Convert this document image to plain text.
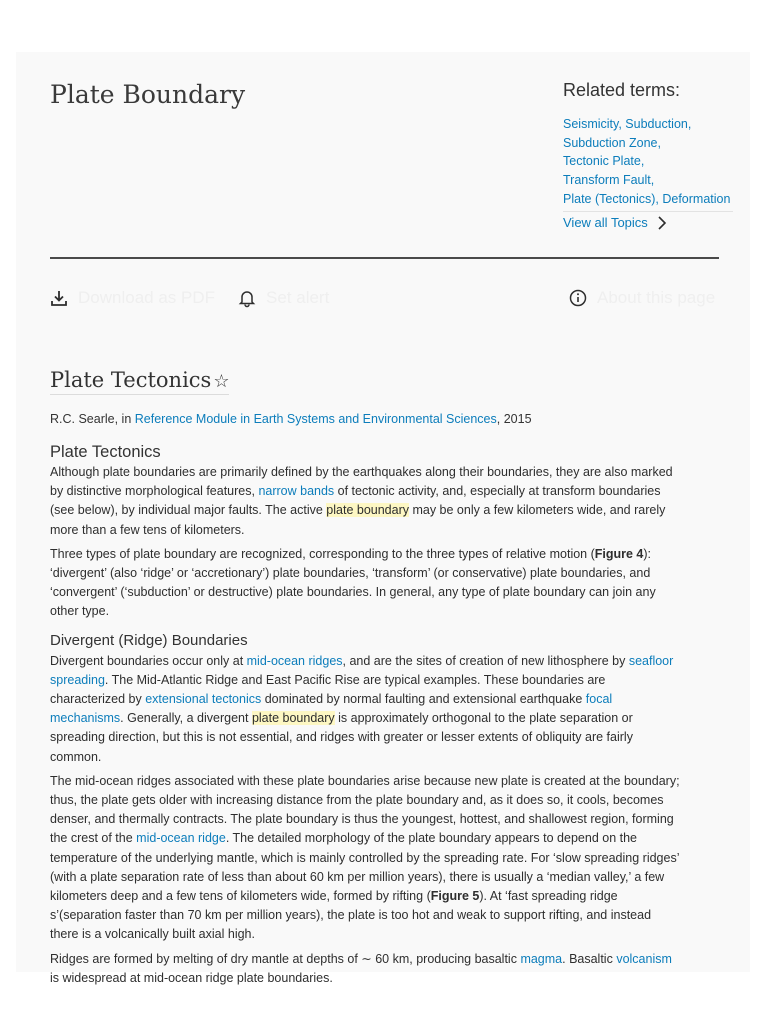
Plate Boundary	Related terms:
Seismicity, Subduction, Subduction Zone, Tectonic Plate, Transform Fault, Plate (Tectonics), Deformation
View all Topics
Download as PDF	Set alert	About this page
Plate Tectonics ☆
R.C. Searle, in Reference Module in Earth Systems and Environmental Sciences, 2015
Plate Tectonics

Although plate boundaries are primarily defined by the earthquakes along their boundaries, they are also marked by distinctive morphological features, narrow bands of tectonic activity, and, especially at transform boundaries (see below), by individual major faults. The active plate boundary may be only a few kilometers wide, and rarely more than a few tens of kilometers.

Three types of plate boundary are recognized, corresponding to the three types of relative motion (Figure 4): ‘divergent’ (also ‘ridge’ or ‘accretionary’) plate boundaries, ‘transform’ (or conservative) plate boundaries, and ‘convergent’ (‘subduction’ or destructive) plate boundaries. In general, any type of plate boundary can join any other type.

Divergent (Ridge) Boundaries

Divergent boundaries occur only at mid-ocean ridges, and are the sites of creation of new lithosphere by seafloor spreading. The Mid-Atlantic Ridge and East Pacific Rise are typical examples. These boundaries are characterized by extensional tectonics dominated by normal faulting and extensional earthquake focal mechanisms. Generally, a divergent plate boundary is approximately orthogonal to the plate separation or spreading direction, but this is not essential, and ridges with greater or lesser extents of obliquity are fairly common.

The mid-ocean ridges associated with these plate boundaries arise because new plate is created at the boundary; thus, the plate gets older with increasing distance from the plate boundary and, as it does so, it cools, becomes denser, and thermally contracts. The plate boundary is thus the youngest, hottest, and shallowest region, forming the crest of the mid-ocean ridge. The detailed morphology of the plate boundary appears to depend on the temperature of the underlying mantle, which is mainly controlled by the spreading rate. For ‘slow spreading ridges’ (with a plate separation rate of less than about 60 km per million years), there is usually a ‘median valley,’ a few kilometers deep and a few tens of kilometers wide, formed by rifting (Figure 5). At ‘fast spreading ridge s’(separation faster than 70 km per million years), the plate is too hot and weak to support rifting, and instead there is a volcanically built axial high.

Ridges are formed by melting of dry mantle at depths of ∼ 60 km, producing basaltic magma. Basaltic volcanism is widespread at mid-ocean ridge plate boundaries.
